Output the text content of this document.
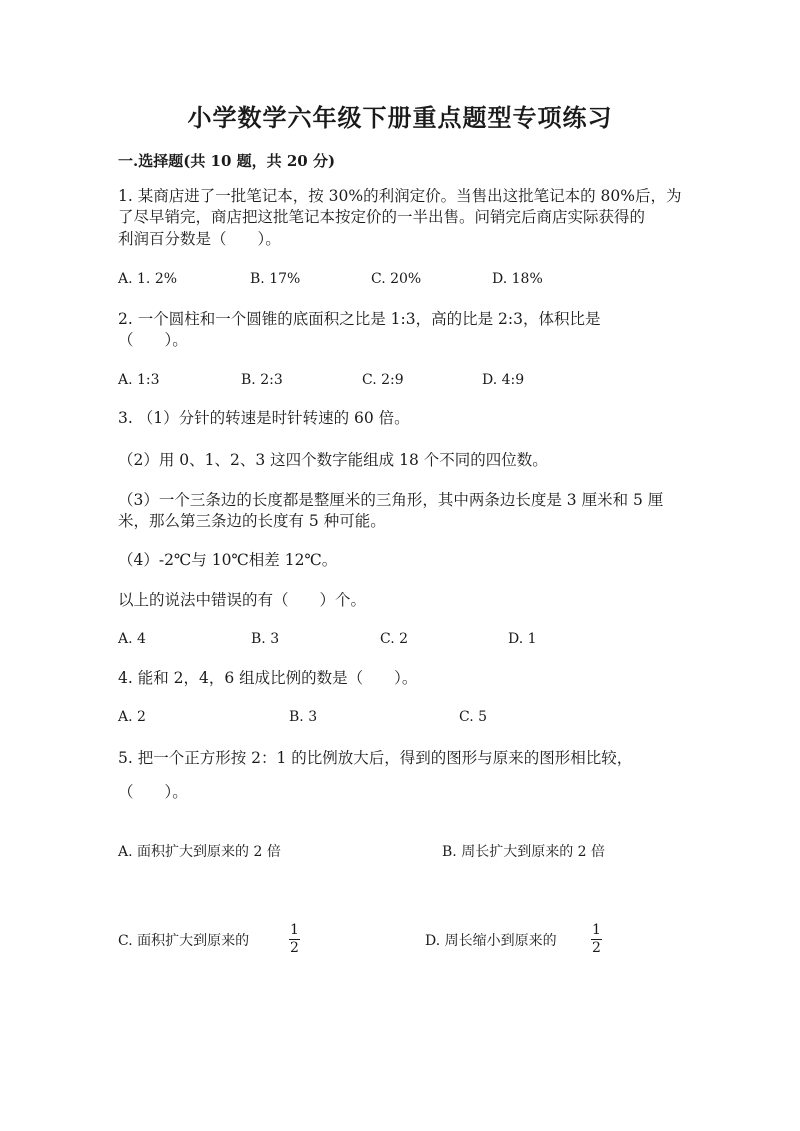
小学数学六年级下册重点题型专项练习
一.选择题(共 10 题，共 20 分)
1. 某商店进了一批笔记本，按 30%的利润定价。当售出这批笔记本的 80%后，为
了尽早销完，商店把这批笔记本按定价的一半出售。问销完后商店实际获得的
利润百分数是（　　）。
A. 1. 2%	B. 17%	C. 20%	D. 18%
2. 一个圆柱和一个圆锥的底面积之比是 1:3，高的比是 2:3，体积比是
（　　）。
A. 1:3	B. 2:3	C. 2:9	D. 4:9
3. （1）分针的转速是时针转速的 60 倍。
（2）用 0、1、2、3 这四个数字能组成 18 个不同的四位数。
（3）一个三条边的长度都是整厘米的三角形，其中两条边长度是 3 厘米和 5 厘
米，那么第三条边的长度有 5 种可能。
（4）-2℃与 10℃相差 12℃。
以上的说法中错误的有（　　）个。
A. 4	B. 3	C. 2	D. 1
4. 能和 2，4，6 组成比例的数是（　　）。
A. 2	B. 3	C. 5
5. 把一个正方形按 2：1 的比例放大后，得到的图形与原来的图形相比较，
（　　）。
A. 面积扩大到原来的 2 倍	B. 周长扩大到原来的 2 倍
C. 面积扩大到原来的
1
2	D. 周长缩小到原来的
1
2
